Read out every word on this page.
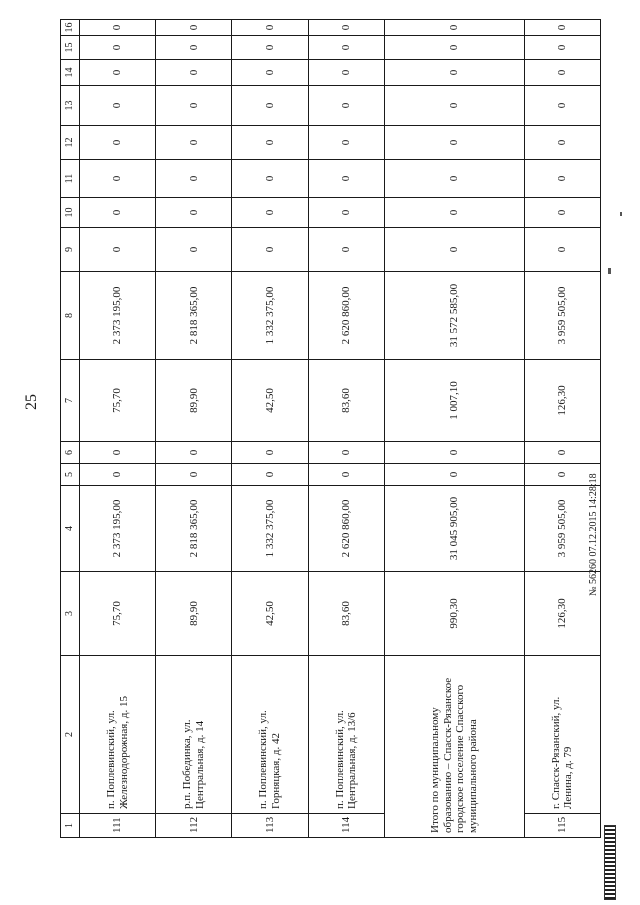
25
1	2	3	4	5	6	7	8	9	10	11	12	13	14	15	16
111	п. Поплевинский, ул. Железнодорожная, д. 15	75,70	2 373 195,00	0	0	75,70	2 373 195,00	0	0	0	0	0	0	0	0
112	р.п. Побединка, ул. Центральная, д. 14	89,90	2 818 365,00	0	0	89,90	2 818 365,00	0	0	0	0	0	0	0	0
113	п. Поплевинский, ул. Горняцкая, д. 42	42,50	1 332 375,00	0	0	42,50	1 332 375,00	0	0	0	0	0	0	0	0
114	п. Поплевинский, ул. Центральная, д. 13/6	83,60	2 620 860,00	0	0	83,60	2 620 860,00	0	0	0	0	0	0	0	0
Итого по муниципальному образованию – Спасск-Рязанское городское поселение Спасского муниципального района		990,30	31 045 905,00	0	0	1 007,10	31 572 585,00	0	0	0	0	0	0	0	0
115	г. Спасск-Рязанский, ул. Ленина, д. 79	126,30	3 959 505,00	0	0	126,30	3 959 505,00	0	0	0	0	0	0	0	0
№ 56260 07.12.2015 14:28:18
